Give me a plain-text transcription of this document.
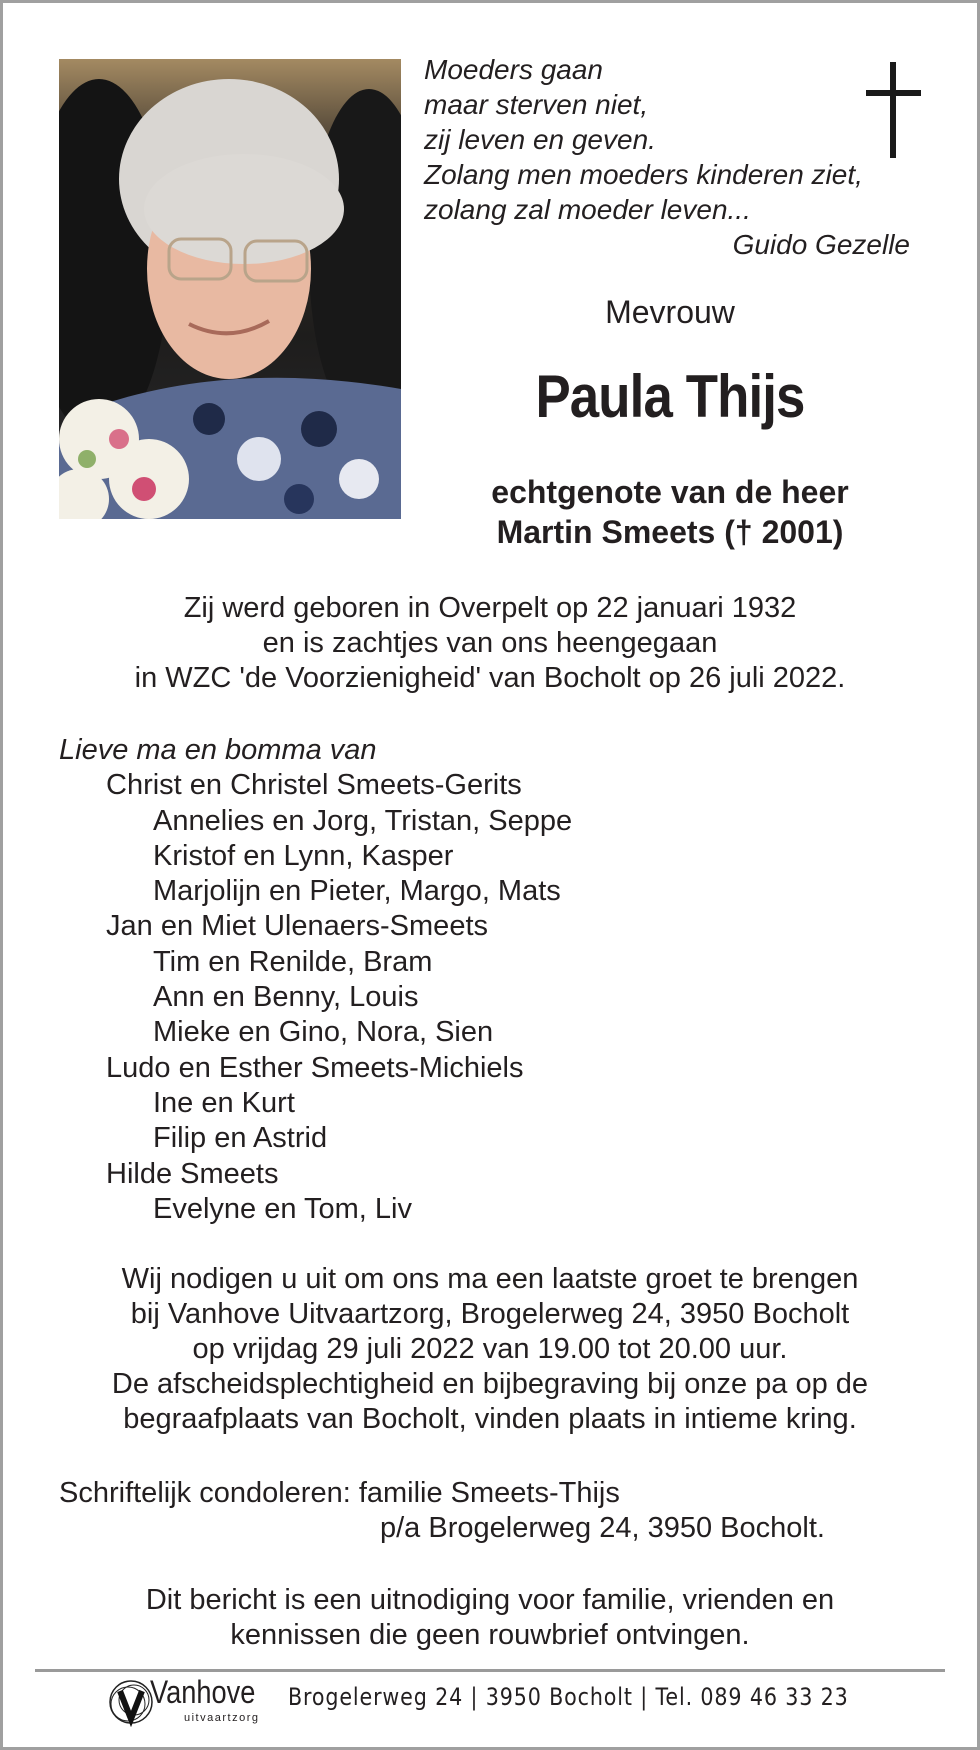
Moeders gaan
maar sterven niet,
zij leven en geven.
Zolang men moeders kinderen ziet,
zolang zal moeder leven...
Guido Gezelle
Mevrouw
Paula Thijs
echtgenote van de heer
Martin Smeets († 2001)
Zij werd geboren in Overpelt op 22 januari 1932
en is zachtjes van ons heengegaan
in WZC 'de Voorzienigheid' van Bocholt op 26 juli 2022.
Lieve ma en bomma van
Christ en Christel Smeets-Gerits
Annelies en Jorg, Tristan, Seppe
Kristof en Lynn, Kasper
Marjolijn en Pieter, Margo, Mats
Jan en Miet Ulenaers-Smeets
Tim en Renilde, Bram
Ann en Benny, Louis
Mieke en Gino, Nora, Sien
Ludo en Esther Smeets-Michiels
Ine en Kurt
Filip en Astrid
Hilde Smeets
Evelyne en Tom, Liv
Wij nodigen u uit om ons ma een laatste groet te brengen
bij Vanhove Uitvaartzorg, Brogelerweg 24, 3950 Bocholt
op vrijdag 29 juli 2022 van 19.00 tot 20.00 uur.
De afscheidsplechtigheid en bijbegraving bij onze pa op de
begraafplaats van Bocholt, vinden plaats in intieme kring.
Schriftelijk condoleren: familie Smeets-Thijs
p/a Brogelerweg 24, 3950 Bocholt.
Dit bericht is een uitnodiging voor familie, vrienden en
kennissen die geen rouwbrief ontvingen.
Vanhove
uitvaartzorg
Brogelerweg 24 | 3950 Bocholt | Tel. 089 46 33 23
